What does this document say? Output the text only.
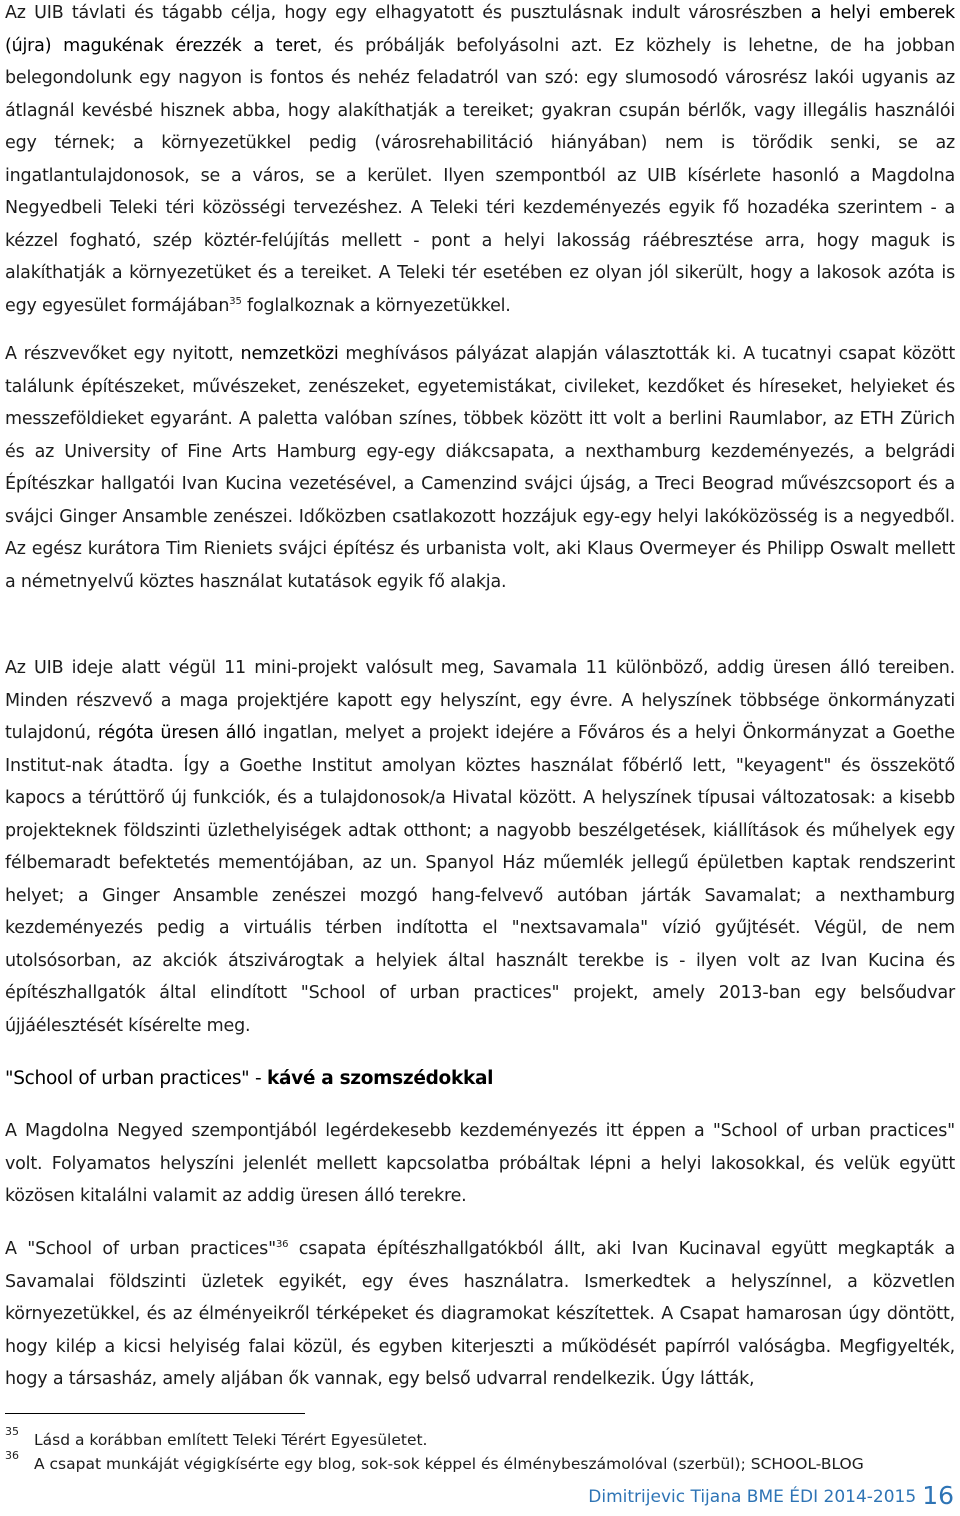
Az UIB távlati és tágabb célja, hogy egy elhagyatott és pusztulásnak indult városrészben a helyi emberek (újra) magukénak érezzék a teret, és próbálják befolyásolni azt. Ez közhely is lehetne, de ha jobban belegondolunk egy nagyon is fontos és nehéz feladatról van szó: egy slumosodó városrész lakói ugyanis az átlagnál kevésbé hisznek abba, hogy alakíthatják a tereiket; gyakran csupán bérlők, vagy illegális használói egy térnek; a környezetükkel pedig (városrehabilitáció hiányában) nem is törődik senki, se az ingatlantulajdonosok, se a város, se a kerület. Ilyen szempontból az UIB kísérlete hasonló a Magdolna Negyedbeli Teleki téri közösségi tervezéshez. A Teleki téri kezdeményezés egyik fő hozadéka szerintem - a kézzel fogható, szép köztér-felújítás mellett - pont a helyi lakosság ráébresztése arra, hogy maguk is alakíthatják a környezetüket és a tereiket. A Teleki tér esetében ez olyan jól sikerült, hogy a lakosok azóta is egy egyesület formájában$^{35}$ foglalkoznak a környezetükkel.

A részvevőket egy nyitott, nemzetközi meghívásos pályázat alapján választották ki. A tucatnyi csapat között találunk építészeket, művészeket, zenészeket, egyetemistákat, civileket, kezdőket és híreseket, helyieket és messzeföldieket egyaránt. A paletta valóban színes, többek között itt volt a berlini Raumlabor, az ETH Zürich és az University of Fine Arts Hamburg egy-egy diákcsapata, a nexthamburg kezdeményezés, a belgrádi Építészkar hallgatói Ivan Kucina vezetésével, a Camenzind svájci újság, a Treci Beograd művészcsoport és a svájci Ginger Ansamble zenészei. Időközben csatlakozott hozzájuk egy-egy helyi lakóközösség is a negyedből. Az egész kurátora Tim Rieniets svájci építész és urbanista volt, aki Klaus Overmeyer és Philipp Oswalt mellett a németnyelvű köztes használat kutatások egyik fő alakja.

Az UIB ideje alatt végül 11 mini-projekt valósult meg, Savamala 11 különböző, addig üresen álló tereiben. Minden részvevő a maga projektjére kapott egy helyszínt, egy évre. A helyszínek többsége önkormányzati tulajdonú, régóta üresen álló ingatlan, melyet a projekt idejére a Főváros és a helyi Önkormányzat a Goethe Institut-nak átadta. Így a Goethe Institut amolyan köztes használat főbérlő lett, "keyagent" és összekötő kapocs a térúttörő új funkciók, és a tulajdonosok/a Hivatal között. A helyszínek típusai változatosak: a kisebb projekteknek földszinti üzlethelyiségek adtak otthont; a nagyobb beszélgetések, kiállítások és műhelyek egy félbemaradt befektetés mementójában, az un. Spanyol Ház műemlék jellegű épületben kaptak rendszerint helyet; a Ginger Ansamble zenészei mozgó hang-felvevő autóban járták Savamalat; a nexthamburg kezdeményezés pedig a virtuális térben indította el "nextsavamala" vízió gyűjtését. Végül, de nem utolsósorban, az akciók átszivárogtak a helyiek által használt terekbe is - ilyen volt az Ivan Kucina és építészhallgatók által elindított "School of urban practices" projekt, amely 2013-ban egy belsőudvar újjáélesztését kísérelte meg.

"School of urban practices" - kávé a szomszédokkal

A Magdolna Negyed szempontjából legérdekesebb kezdeményezés itt éppen a "School of urban practices" volt. Folyamatos helyszíni jelenlét mellett kapcsolatba próbáltak lépni a helyi lakosokkal, és velük együtt közösen kitalálni valamit az addig üresen álló terekre.

A "School of urban practices"$^{36}$ csapata építészhallgatókból állt, aki Ivan Kucinaval együtt megkapták a Savamalai földszinti üzletek egyikét, egy éves használatra. Ismerkedtek a helyszínnel, a közvetlen környezetükkel, és az élményeikről térképeket és diagramokat készítettek. A Csapat hamarosan úgy döntött, hogy kilép a kicsi helyiség falai közül, és egyben kiterjeszti a működését papírról valóságba. Megfigyelték, hogy a társasház, amely aljában ők vannak, egy belső udvarral rendelkezik. Úgy látták,

35 Lásd a korábban említett Teleki Térért Egyesületet.
36 A csapat munkáját végigkísérte egy blog, sok-sok képpel és élménybeszámolóval (szerbül); SCHOOL-BLOG
Dimitrijevic Tijana BME ÉDI 2014-2015 16
